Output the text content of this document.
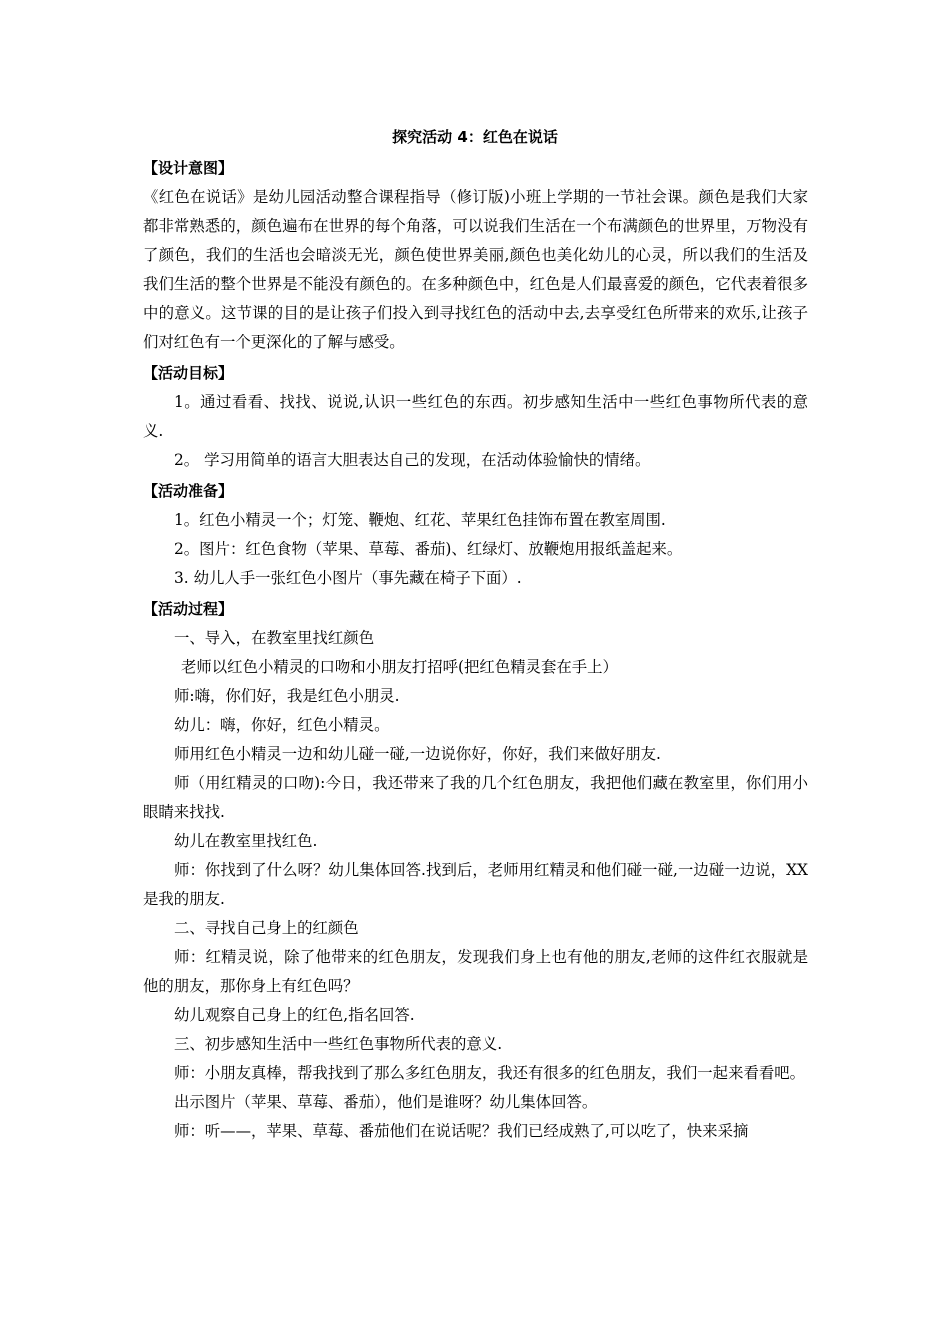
探究活动 4：红色在说话
【设计意图】

《红色在说话》是幼儿园活动整合课程指导（修订版)小班上学期的一节社会课。颜色是我们大家都非常熟悉的，颜色遍布在世界的每个角落，可以说我们生活在一个布满颜色的世界里，万物没有了颜色，我们的生活也会暗淡无光，颜色使世界美丽,颜色也美化幼儿的心灵，所以我们的生活及我们生活的整个世界是不能没有颜色的。在多种颜色中，红色是人们最喜爱的颜色，它代表着很多中的意义。这节课的目的是让孩子们投入到寻找红色的活动中去,去享受红色所带来的欢乐,让孩子们对红色有一个更深化的了解与感受。

【活动目标】

1。通过看看、找找、说说,认识一些红色的东西。初步感知生活中一些红色事物所代表的意义.

2。 学习用简单的语言大胆表达自己的发现，在活动体验愉快的情绪。

【活动准备】

1。红色小精灵一个；灯笼、鞭炮、红花、苹果红色挂饰布置在教室周围.

2。图片：红色食物（苹果、草莓、番茄)、红绿灯、放鞭炮用报纸盖起来。

3. 幼儿人手一张红色小图片（事先藏在椅子下面）.

【活动过程】

一、导入，在教室里找红颜色

老师以红色小精灵的口吻和小朋友打招呼(把红色精灵套在手上）

师:嗨，你们好，我是红色小朋灵.

幼儿：嗨，你好，红色小精灵。

师用红色小精灵一边和幼儿碰一碰,一边说你好，你好，我们来做好朋友.

师（用红精灵的口吻):今日，我还带来了我的几个红色朋友，我把他们藏在教室里，你们用小眼睛来找找.

幼儿在教室里找红色.

师：你找到了什么呀？幼儿集体回答.找到后，老师用红精灵和他们碰一碰,一边碰一边说，XX 是我的朋友.

二、寻找自己身上的红颜色

师：红精灵说，除了他带来的红色朋友，发现我们身上也有他的朋友,老师的这件红衣服就是他的朋友，那你身上有红色吗？

幼儿观察自己身上的红色,指名回答.

三、初步感知生活中一些红色事物所代表的意义.

师：小朋友真棒，帮我找到了那么多红色朋友，我还有很多的红色朋友，我们一起来看看吧。

出示图片（苹果、草莓、番茄），他们是谁呀？幼儿集体回答。

师：听——，苹果、草莓、番茄他们在说话呢？我们已经成熟了,可以吃了，快来采摘
